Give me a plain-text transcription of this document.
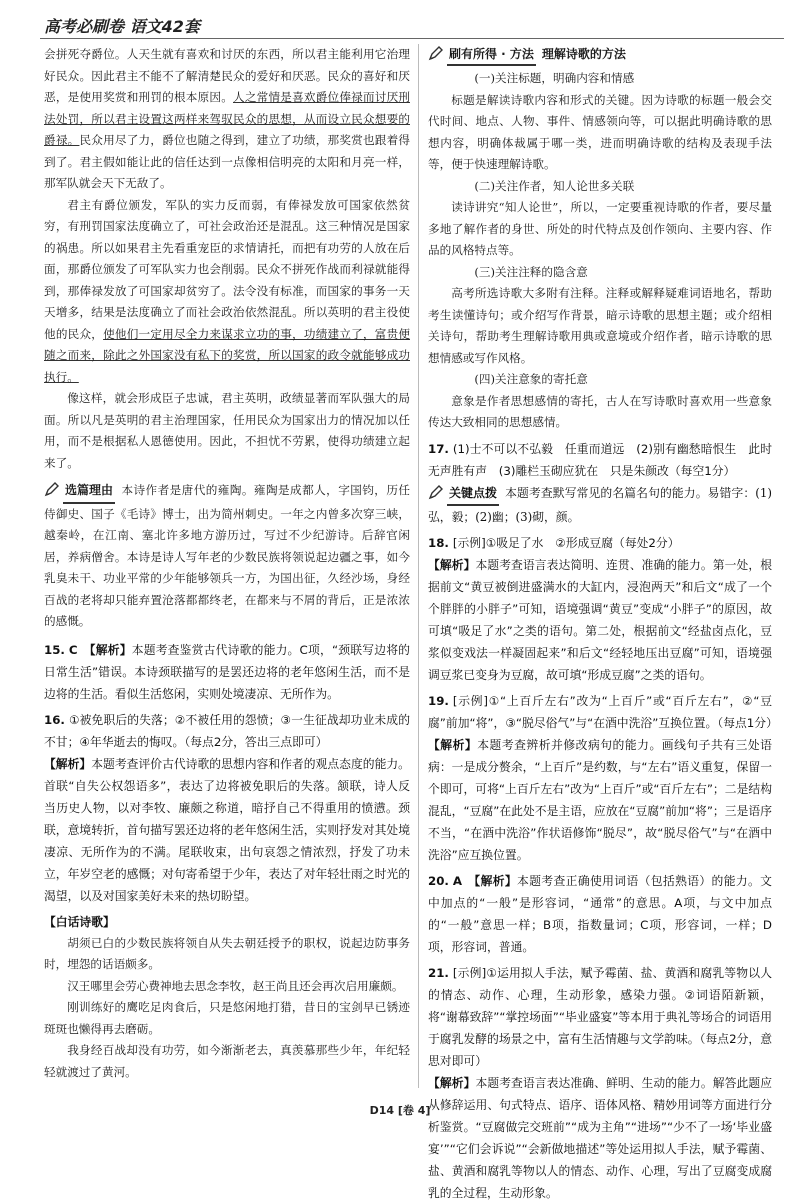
高考必刷卷 语文42套

会拼死夺爵位。人天生就有喜欢和讨厌的东西，所以君主能利用它治理好民众。因此君主不能不了解清楚民众的爱好和厌恶。民众的喜好和厌恶，是使用奖赏和刑罚的根本原因。人之常情是喜欢爵位俸禄而讨厌刑法处罚，所以君主设置这两样来驾驭民众的思想，从而设立民众想要的爵禄。民众用尽了力，爵位也随之得到，建立了功绩，那奖赏也跟着得到了。君主假如能让此的信任达到一点像相信明亮的太阳和月亮一样，那军队就会天下无敌了。

君主有爵位颁发，军队的实力反而弱，有俸禄发放可国家依然贫穷，有刑罚国家法度确立了，可社会政治还是混乱。这三种情况是国家的祸患。所以如果君主先看重宠臣的求情请托，而把有功劳的人放在后面，那爵位颁发了可军队实力也会削弱。民众不拼死作战而利禄就能得到，那俸禄发放了可国家却贫穷了。法令没有标准，而国家的事务一天天增多，结果是法度确立了而社会政治依然混乱。所以英明的君主役使他的民众，使他们一定用尽全力来谋求立功的事，功绩建立了，富贵便随之而来，除此之外国家没有私下的奖赏，所以国家的政令就能够成功执行。

像这样，就会形成臣子忠诚，君主英明，政绩显著而军队强大的局面。所以凡是英明的君主治理国家，任用民众为国家出力的情况加以任用，而不是根据私人恩德使用。因此，不担忧不劳累，使得功绩建立起来了。

选篇理由 本诗作者是唐代的雍陶。雍陶是成都人，字国钧，历任侍御史、国子《毛诗》博士，出为简州刺史。一年之内曾多次穿三峡，越秦岭，在江南、塞北许多地方游历过，写过不少纪游诗。后辞官闲居，养病僧舍。本诗是诗人写年老的少数民族将领说起边疆之事，如今乳臭未干、功业平常的少年能够领兵一方，为国出征，久经沙场，身经百战的老将却只能弃置沧落都都终老，在都来与不屑的背后，正是浓浓的感慨。

15. C 【解析】本题考查鉴赏古代诗歌的能力。C项，“颈联写边将的日常生活”错误。本诗颈联描写的是罢还边将的老年悠闲生活，而不是边将的生活。看似生活悠闲，实则处境凄凉、无所作为。

16. ①被免职后的失落；②不被任用的怨愤；③一生征战却功业未成的不甘；④年华逝去的悔叹。（每点2分，答出三点即可）

【解析】本题考查评价古代诗歌的思想内容和作者的观点态度的能力。首联“自失公权怨语多”，表达了边将被免职后的失落。颔联，诗人反当历史人物，以对李牧、廉颇之称道，暗抒自己不得重用的愤懑。颈联，意境转折，首句描写罢还边将的老年悠闲生活，实则抒发对其处境凄凉、无所作为的不满。尾联收束，出句哀怨之情浓烈，抒发了功未立，年岁空老的感慨；对句寄希望于少年，表达了对年轻壮雨之时光的渴望，以及对国家美好未来的热切盼望。

【白话诗歌】

胡须已白的少数民族将领自从失去朝廷授予的职权，说起边防事务时，埋怨的话语颇多。

汉王哪里会劳心费神地去思念李牧，赵王尚且还会再次启用廉颇。

刚训练好的鹰吃足肉食后，只是悠闲地打猎，昔日的宝剑早已锈迹斑斑也懒得再去磨砺。

我身经百战却没有功劳，如今渐渐老去，真羡慕那些少年，年纪轻轻就渡过了黄河。

刷有所得 · 方法 理解诗歌的方法

(一)关注标题，明确内容和情感

标题是解读诗歌内容和形式的关键。因为诗歌的标题一般会交代时间、地点、人物、事件、情感领向等，可以据此明确诗歌的思想内容，明确体裁属于哪一类，进而明确诗歌的结构及表现手法等，便于快速理解诗歌。

(二)关注作者，知人论世多关联

读诗讲究“知人论世”，所以，一定要重视诗歌的作者，要尽量多地了解作者的身世、所处的时代特点及创作领向、主要内容、作品的风格特点等。

(三)关注注释的隐含意

高考所选诗歌大多附有注释。注释或解释疑难词语地名，帮助考生读懂诗句；或介绍写作背景，暗示诗歌的思想主题；或介绍相关诗句，帮助考生理解诗歌用典或意境或介绍作者，暗示诗歌的思想情感或写作风格。

(四)关注意象的寄托意

意象是作者思想感情的寄托，古人在写诗歌时喜欢用一些意象传达大致相同的思想感情。

17. (1)士不可以不弘毅　任重而道远　(2)别有幽愁暗恨生　此时无声胜有声　(3)雕栏玉砌应犹在　只是朱颜改（每空1分）

关键点拨 本题考查默写常见的名篇名句的能力。易错字：(1)弘，毅；(2)幽；(3)砌，颜。

18. [示例]①吸足了水　②形成豆腐（每处2分）

【解析】本题考查语言表达简明、连贯、准确的能力。第一处，根据前文“黄豆被倒进盛满水的大缸内，浸泡两天”和后文“成了一个个胖胖的小胖子”可知，语境强调“黄豆”变成“小胖子”的原因，故可填“吸足了水”之类的语句。第二处，根据前文“经盐卤点化，豆浆似变戏法一样凝固起来”和后文“经轻地压出豆腐”可知，语境强调豆浆已变身为豆腐，故可填“形成豆腐”之类的语句。

19. [示例]①“上百斤左右”改为“上百斤”或“百斤左右”，②“豆腐”前加“将”，③“脱尽俗气”与“在酒中洗浴”互换位置。（每点1分）

【解析】本题考查辨析并修改病句的能力。画线句子共有三处语病：一是成分赘余，“上百斤”是约数，与“左右”语义重复，保留一个即可，可将“上百斤左右”改为“上百斤”或“百斤左右”；二是结构混乱，“豆腐”在此处不是主语，应放在“豆腐”前加“将”；三是语序不当，“在酒中洗浴”作状语修饰“脱尽”，故“脱尽俗气”与“在酒中洗浴”应互换位置。

20. A 【解析】本题考查正确使用词语（包括熟语）的能力。文中加点的“一般”是形容词，“通常”的意思。A项，与文中加点的“一般”意思一样；B项，指数量词；C项，形容词，一样；D项，形容词，普通。

21. [示例]①运用拟人手法，赋予霉菌、盐、黄酒和腐乳等物以人的情态、动作、心理，生动形象，感染力强。②词语陌新颖，将“谢幕致辞”“掌控场面”“毕业盛宴”等本用于典礼等场合的词语用于腐乳发酵的场景之中，富有生活情趣与文学韵味。（每点2分，意思对即可）

【解析】本题考查语言表达准确、鲜明、生动的能力。解答此题应从修辞运用、句式特点、语序、语体风格、精妙用词等方面进行分析鉴赏。“豆腐做完交班前”“成为主角”“进场”“少不了一场‘毕业盛宴’”“它们会诉说”“会新做地描述”等处运用拟人手法，赋予霉菌、盐、黄酒和腐乳等物以人的情态、动作、心理，写出了豆腐变成腐乳的全过程，生动形象。

D14 [卷 4]
